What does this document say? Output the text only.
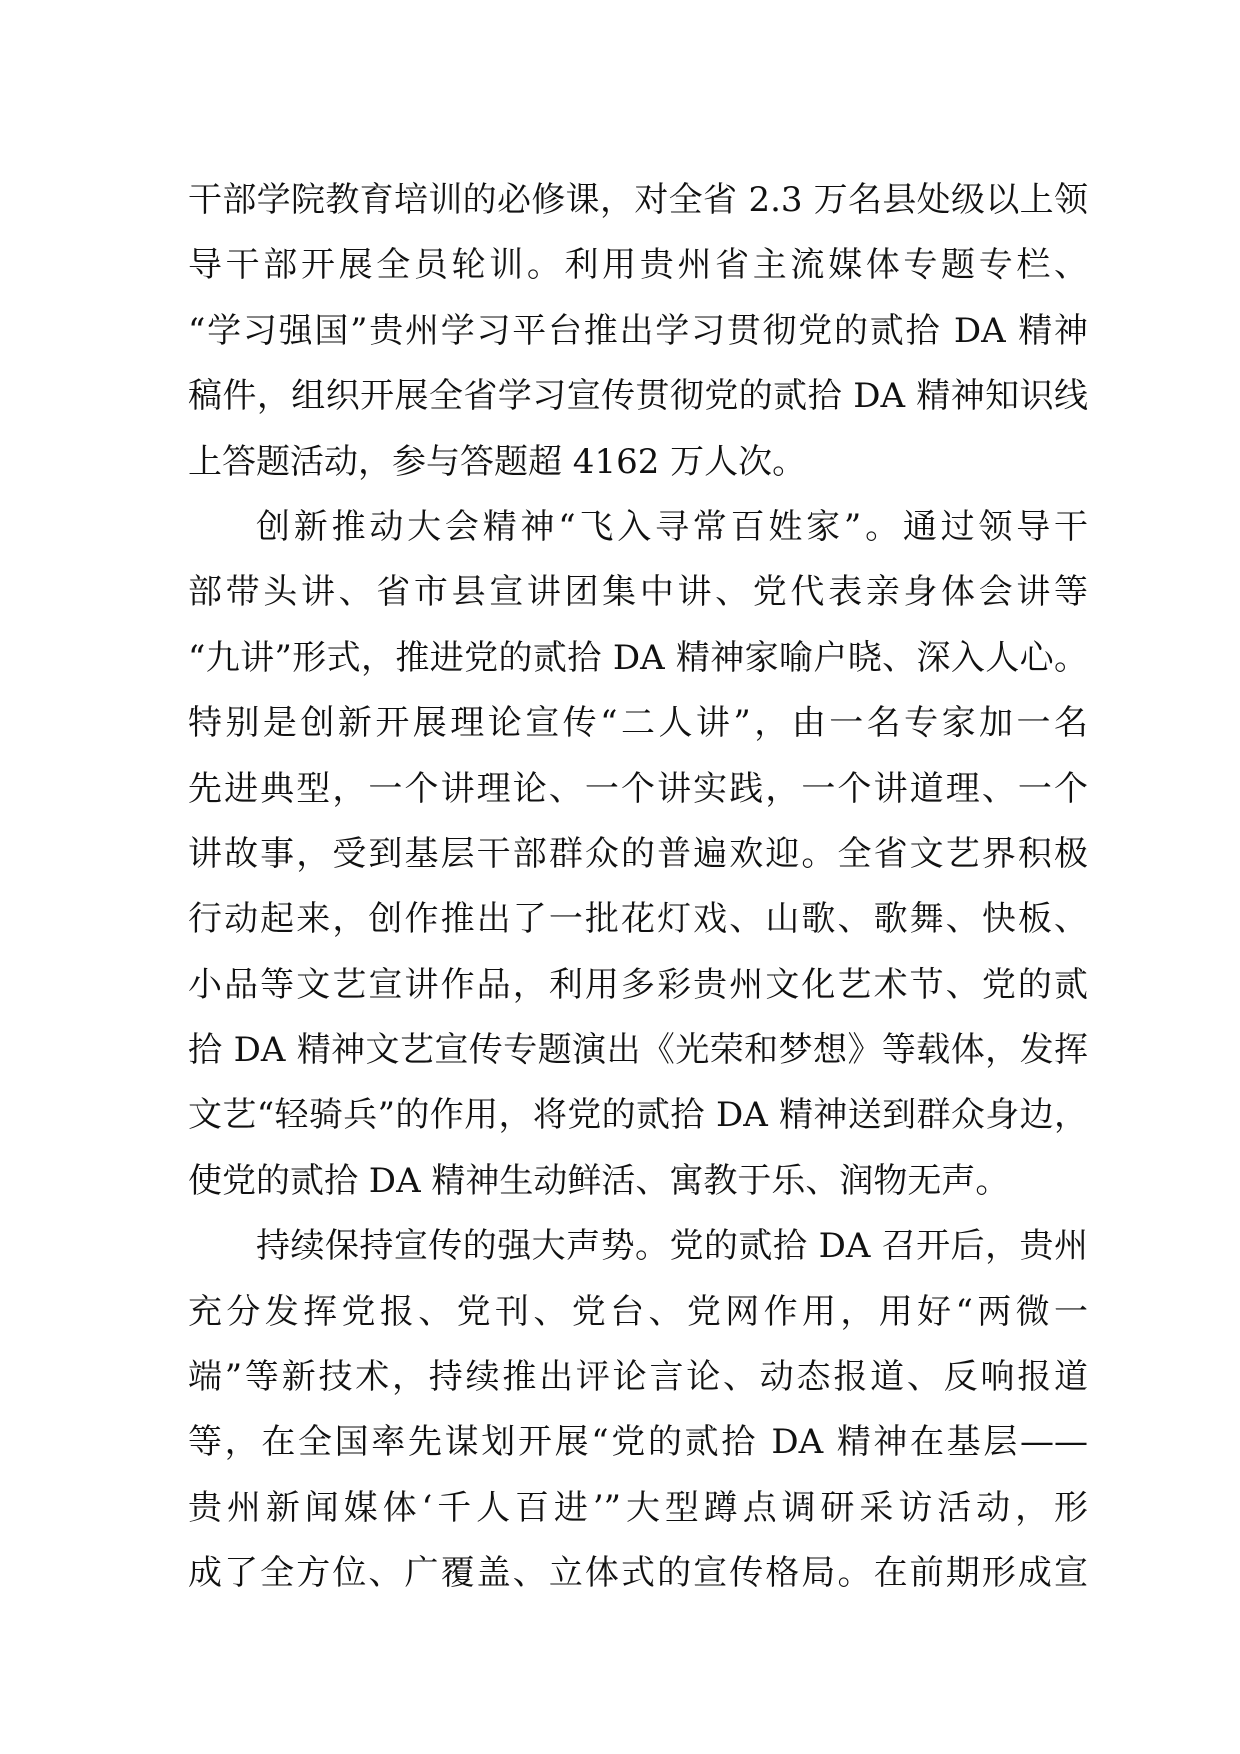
干部学院教育培训的必修课，对全省 2.3 万名县处级以上领
导干部开展全员轮训。利用贵州省主流媒体专题专栏、
“学习强国”贵州学习平台推出学习贯彻党的贰拾 DA 精神
稿件，组织开展全省学习宣传贯彻党的贰拾 DA 精神知识线
上答题活动，参与答题超 4162 万人次。
创新推动大会精神“飞入寻常百姓家”。通过领导干
部带头讲、省市县宣讲团集中讲、党代表亲身体会讲等
“九讲”形式，推进党的贰拾 DA 精神家喻户晓、深入人心。
特别是创新开展理论宣传“二人讲”，由一名专家加一名
先进典型，一个讲理论、一个讲实践，一个讲道理、一个
讲故事，受到基层干部群众的普遍欢迎。全省文艺界积极
行动起来，创作推出了一批花灯戏、山歌、歌舞、快板、
小品等文艺宣讲作品，利用多彩贵州文化艺术节、党的贰
拾 DA 精神文艺宣传专题演出《光荣和梦想》等载体，发挥
文艺“轻骑兵”的作用，将党的贰拾 DA 精神送到群众身边，
使党的贰拾 DA 精神生动鲜活、寓教于乐、润物无声。
持续保持宣传的强大声势。党的贰拾 DA 召开后，贵州
充分发挥党报、党刊、党台、党网作用，用好“两微一
端”等新技术，持续推出评论言论、动态报道、反响报道
等，在全国率先谋划开展“党的贰拾 DA 精神在基层——
贵州新闻媒体‘千人百进’”大型蹲点调研采访活动，形
成了全方位、广覆盖、立体式的宣传格局。在前期形成宣
